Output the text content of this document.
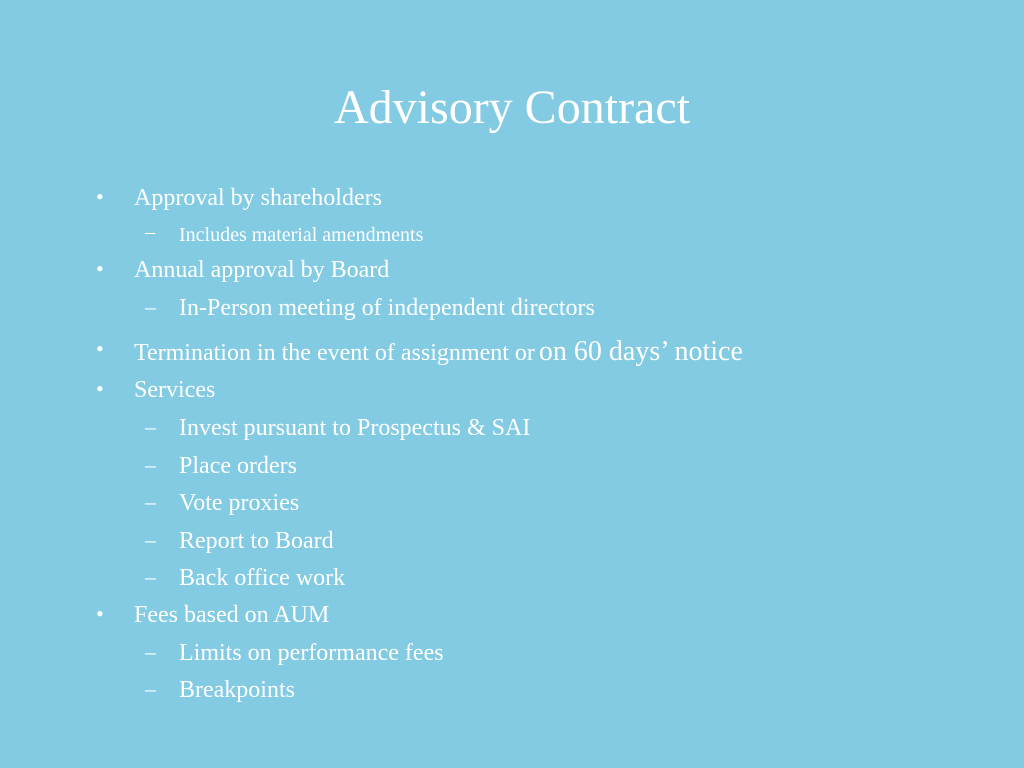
Advisory Contract
• Approval by shareholders
– Includes material amendments
• Annual approval by Board
– In-Person meeting of independent directors
• Termination in the event of assignment or on 60 days’ notice
• Services
– Invest pursuant to Prospectus & SAI
– Place orders
– Vote proxies
– Report to Board
– Back office work
• Fees based on AUM
– Limits on performance fees
– Breakpoints
